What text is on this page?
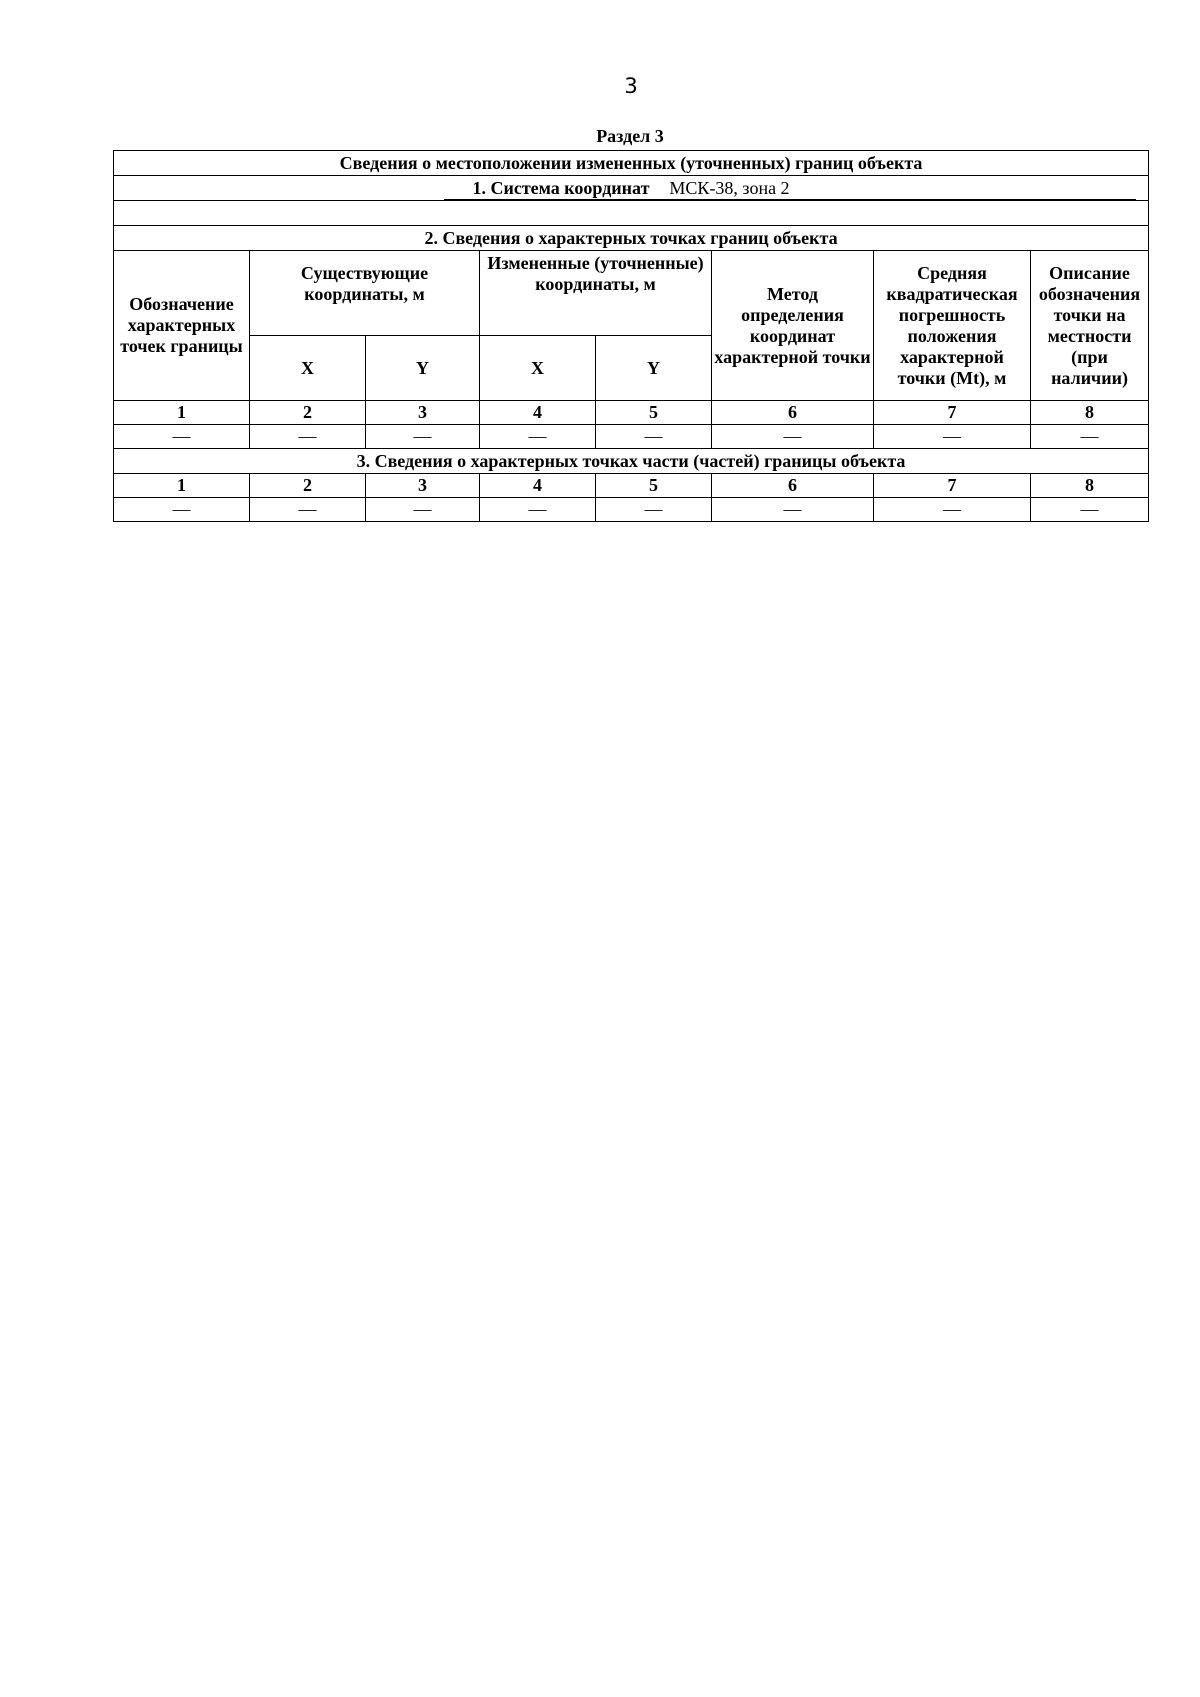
3
Раздел 3
Сведения о местоположении измененных (уточненных) границ объекта							
1. Система координат МСК-38, зона 2							

2. Сведения о характерных точках границ объекта							
Обозначение характерных точек границы	Существующие координаты, м		Измененные (уточненные) координаты, м		Метод определения координат характерной точки	Средняя квадратическая погрешность положения характерной точки (Mt), м	Описание обозначения точки на местности (при наличии)
	X	Y	X	Y			
1	2	3	4	5	6	7	8
—	—	—	—	—	—	—	—
3. Сведения о характерных точках части (частей) границы объекта							
1	2	3	4	5	6	7	8
—	—	—	—	—	—	—	—
